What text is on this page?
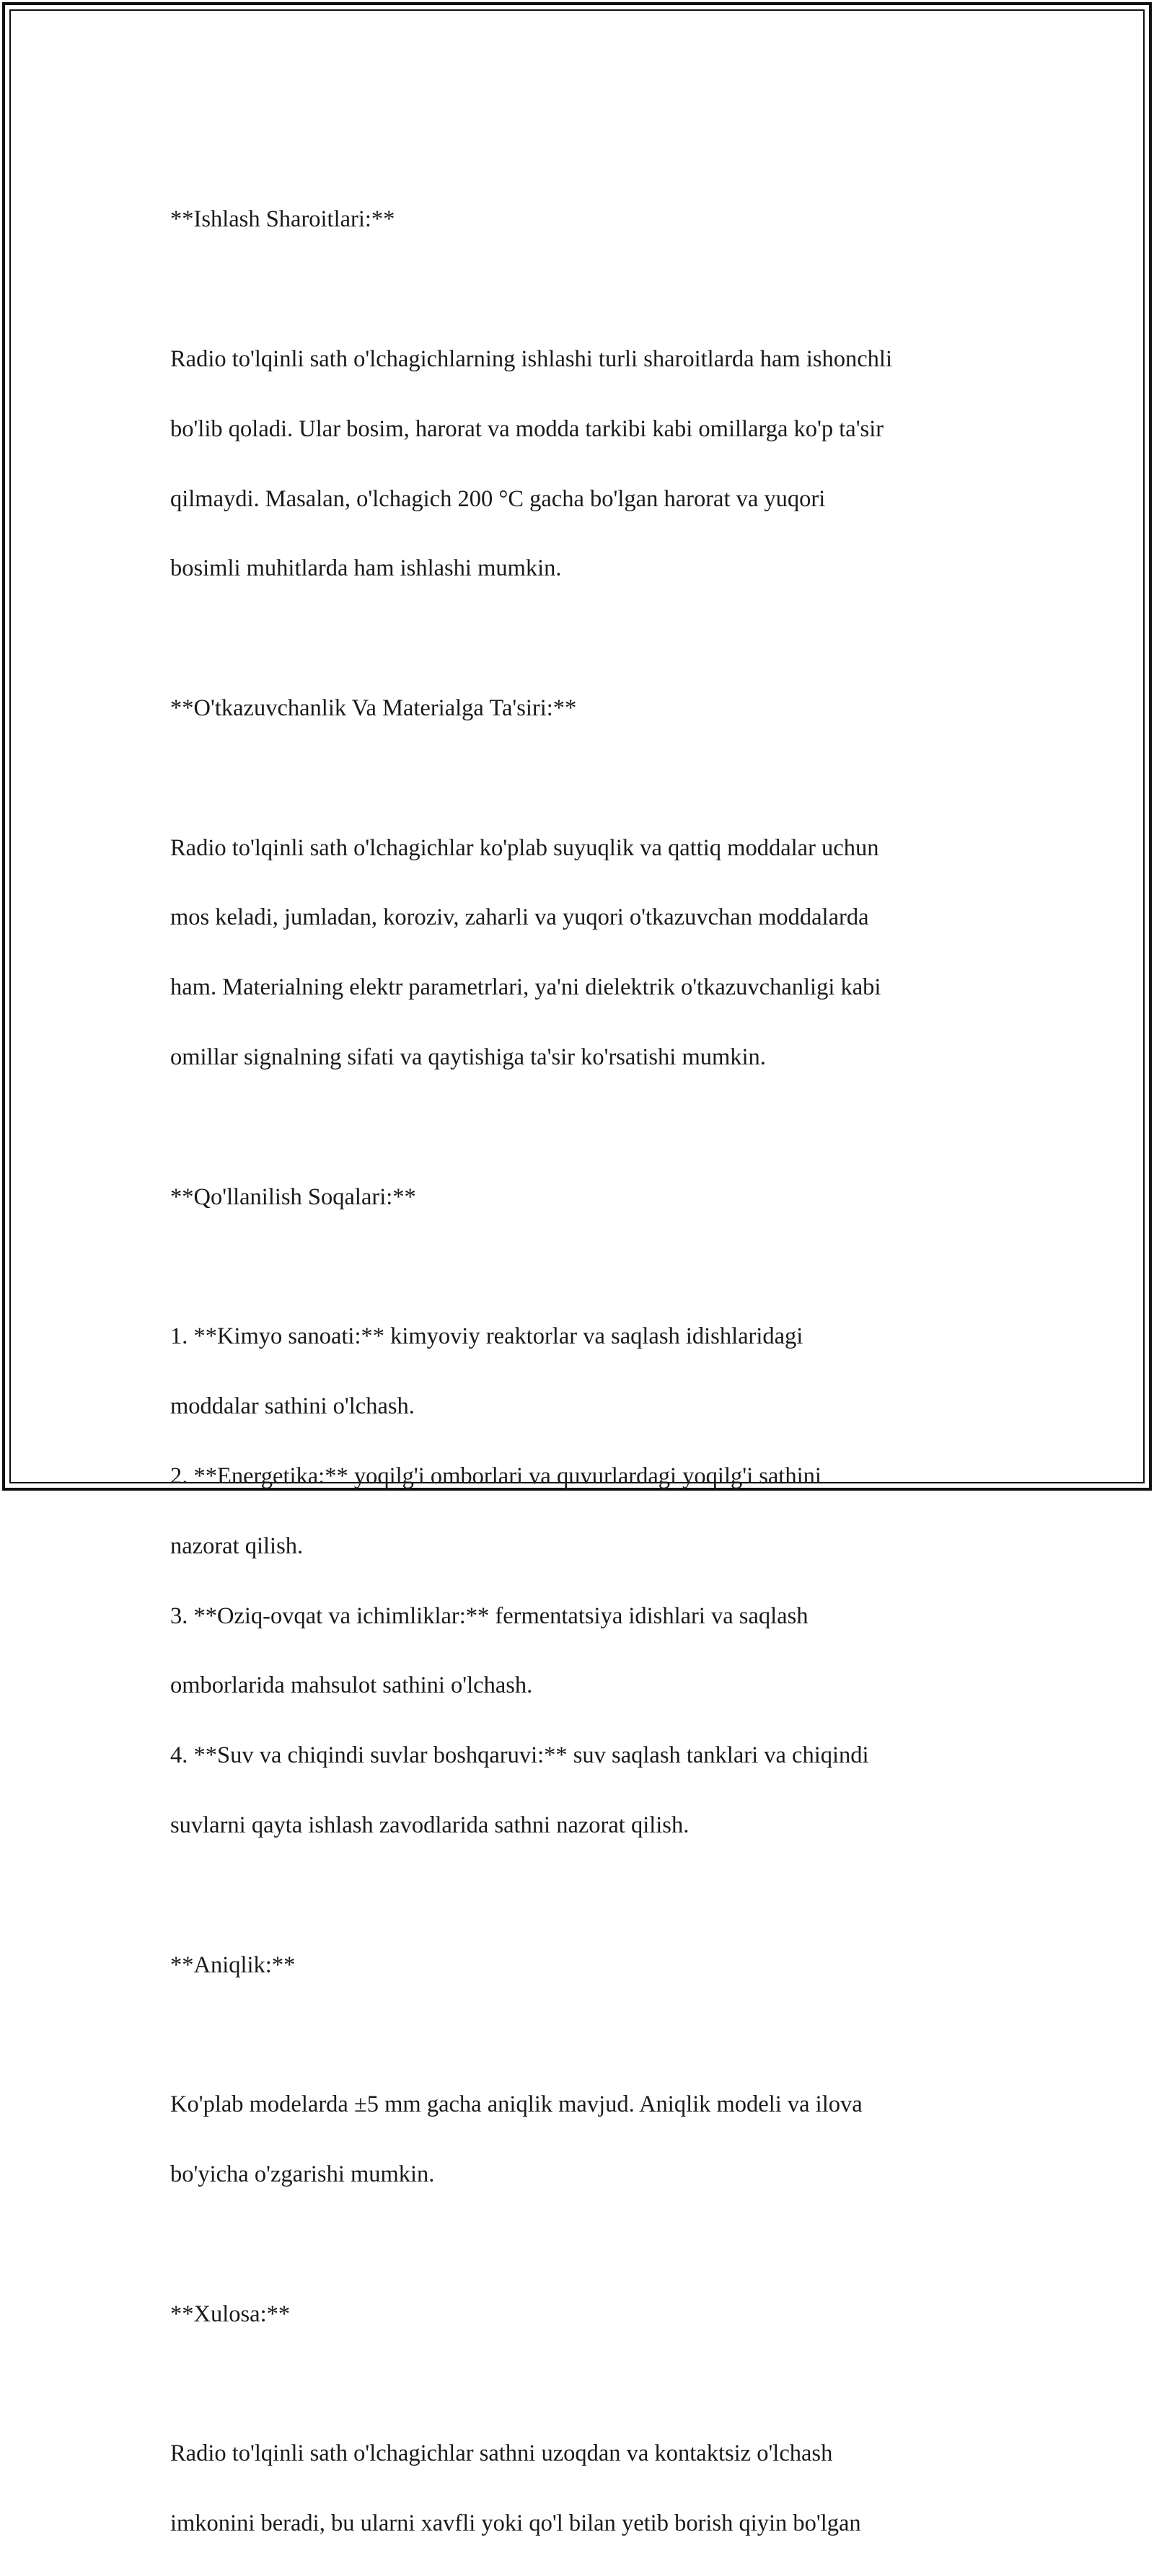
**Ishlash Sharoitlari:**

Radio to'lqinli sath o'lchagichlarning ishlashi turli sharoitlarda ham ishonchli

bo'lib qoladi. Ular bosim, harorat va modda tarkibi kabi omillarga ko'p ta'sir

qilmaydi. Masalan, o'lchagich 200 °C gacha bo'lgan harorat va yuqori

bosimli muhitlarda ham ishlashi mumkin.

**O'tkazuvchanlik Va Materialga Ta'siri:**

Radio to'lqinli sath o'lchagichlar ko'plab suyuqlik va qattiq moddalar uchun

mos keladi, jumladan, koroziv, zaharli va yuqori o'tkazuvchan moddalarda

ham. Materialning elektr parametrlari, ya'ni dielektrik o'tkazuvchanligi kabi

omillar signalning sifati va qaytishiga ta'sir ko'rsatishi mumkin.

**Qo'llanilish Soqalari:**

1. **Kimyo sanoati:** kimyoviy reaktorlar va saqlash idishlaridagi

moddalar sathini o'lchash.

2. **Energetika:** yoqilg'i omborlari va quvurlardagi yoqilg'i sathini

nazorat qilish.

3. **Oziq-ovqat va ichimliklar:** fermentatsiya idishlari va saqlash

omborlarida mahsulot sathini o'lchash.

4. **Suv va chiqindi suvlar boshqaruvi:** suv saqlash tanklari va chiqindi

suvlarni qayta ishlash zavodlarida sathni nazorat qilish.

**Aniqlik:**

Ko'plab modelarda ±5 mm gacha aniqlik mavjud. Aniqlik modeli va ilova

bo'yicha o'zgarishi mumkin.

**Xulosa:**

Radio to'lqinli sath o'lchagichlar sathni uzoqdan va kontaktsiz o'lchash

imkonini beradi, bu ularni xavfli yoki qo'l bilan yetib borish qiyin bo'lgan
